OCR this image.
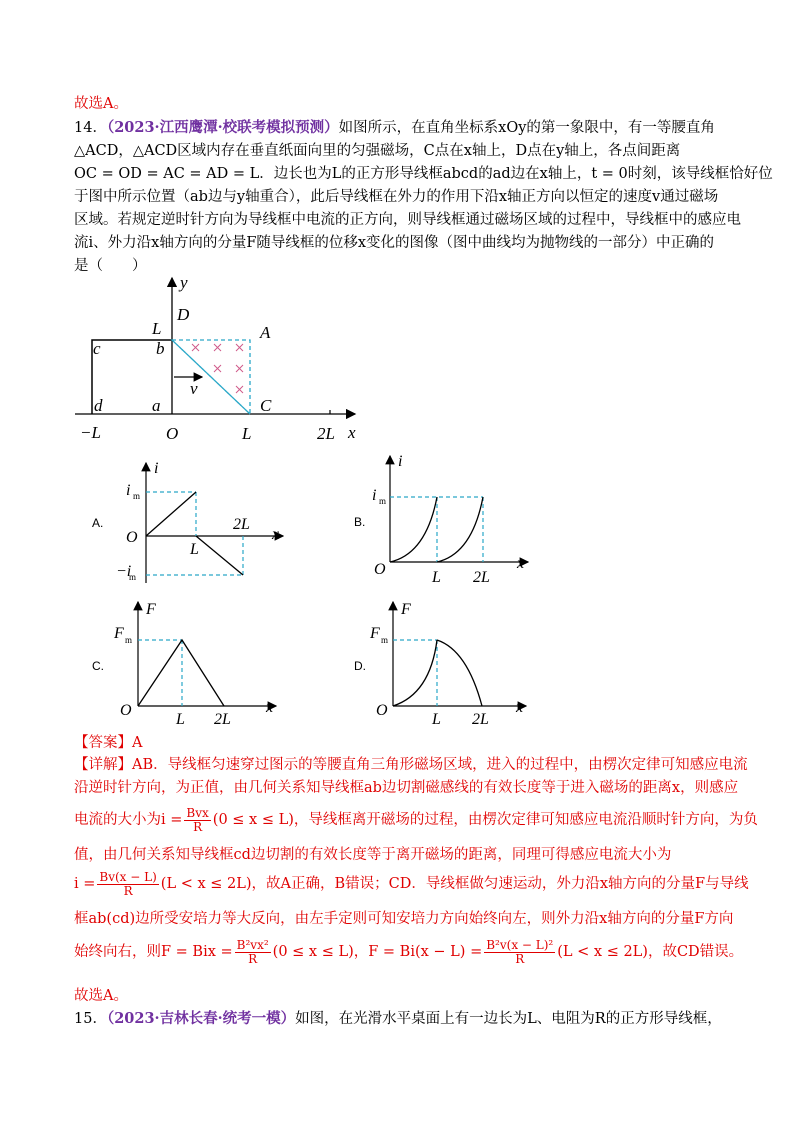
故选A。
14．（2023·江西鹰潭·校联考模拟预测）如图所示，在直角坐标系xOy的第一象限中，有一等腰直角
△ACD，△ACD区域内存在垂直纸面向里的匀强磁场，C点在x轴上，D点在y轴上，各点间距离
OC = OD = AC = AD = L．边长也为L的正方形导线框abcd的ad边在x轴上，t = 0时刻，该导线框恰好位
于图中所示位置（ab边与y轴重合），此后导线框在外力的作用下沿x轴正方向以恒定的速度v通过磁场
区域。若规定逆时针方向为导线框中电流的正方向，则导线框通过磁场区域的过程中，导线框中的感应电
流i、外力沿x轴方向的分量F随导线框的位移x变化的图像（图中曲线均为抛物线的一部分）中正确的
是（　　）
y
D
L	A
c	b
v
d	a	C
−L	O	L	2L x
A.
i
i m
O
L
2L
x
−i
m
B.
i
i m
O	L 2L
x
C.
F
F m
O
L 2L
x
D.
F
F m
O
L 2L
x
【答案】A
【详解】AB．导线框匀速穿过图示的等腰直角三角形磁场区域，进入的过程中，由楞次定律可知感应电流
沿逆时针方向，为正值，由几何关系知导线框ab边切割磁感线的有效长度等于进入磁场的距离x，则感应
电流的大小为$i = \frac{\text{Bvx}}{R} (0 \le x \le L)$，导线框离开磁场的过程，由楞次定律可知感应电流沿顺时针方向，为负
值，由几何关系知导线框cd边切割的有效长度等于离开磁场的距离，同理可得感应电流大小为
$i = \frac{Bv(x - L)}{R} (L < x \le 2L)$，故A正确，B错误；CD．导线框做匀速运动，外力沿x轴方向的分量F与导线
框ab(cd)边所受安培力等大反向，由左手定则可知安培力方向始终向左，则外力沿x轴方向的分量F方向
始终向右，则F = Bix = $\frac{\text{B²vx²}}{R} (0 \le x \le L)$，$F = Bi(x - L) = \frac{\text{B²v(x − L)²}}{R} (L < x \le 2L)$，故CD错误。
故选A。
15．（2023·吉林长春·统考一模）如图，在光滑水平桌面上有一边长为L、电阻为R的正方形导线框，
